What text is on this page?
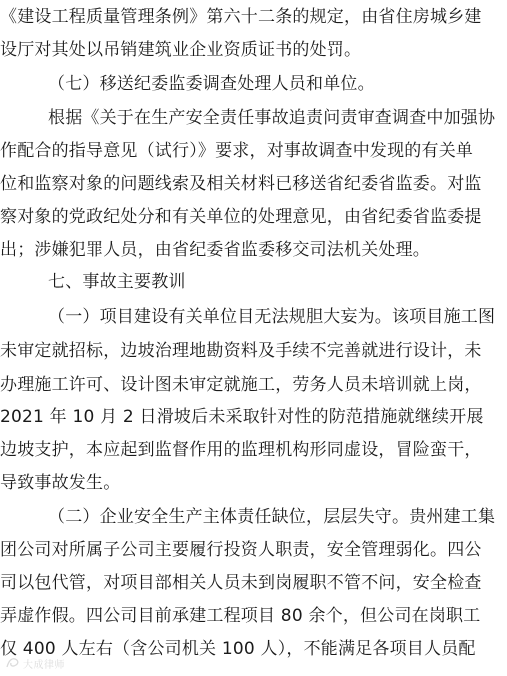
《建设工程质量管理条例》第六十二条的规定，由省住房城乡建
设厅对其处以吊销建筑业企业资质证书的处罚。
（七）移送纪委监委调查处理人员和单位。
根据《关于在生产安全责任事故追责问责审查调查中加强协
作配合的指导意见（试行）》要求，对事故调查中发现的有关单
位和监察对象的问题线索及相关材料已移送省纪委省监委。对监
察对象的党政纪处分和有关单位的处理意见，由省纪委省监委提
出；涉嫌犯罪人员，由省纪委省监委移交司法机关处理。
七、事故主要教训
（一）项目建设有关单位目无法规胆大妄为。该项目施工图
未审定就招标，边坡治理地勘资料及手续不完善就进行设计，未
办理施工许可、设计图未审定就施工，劳务人员未培训就上岗，
2021 年 10 月 2 日滑坡后未采取针对性的防范措施就继续开展
边坡支护，本应起到监督作用的监理机构形同虚设，冒险蛮干，
导致事故发生。
（二）企业安全生产主体责任缺位，层层失守。贵州建工集
团公司对所属子公司主要履行投资人职责，安全管理弱化。四公
司以包代管，对项目部相关人员未到岗履职不管不问，安全检查
弄虚作假。四公司目前承建工程项目 80 余个，但公司在岗职工
仅 400 人左右（含公司机关 100 人），不能满足各项目人员配
大成律师
